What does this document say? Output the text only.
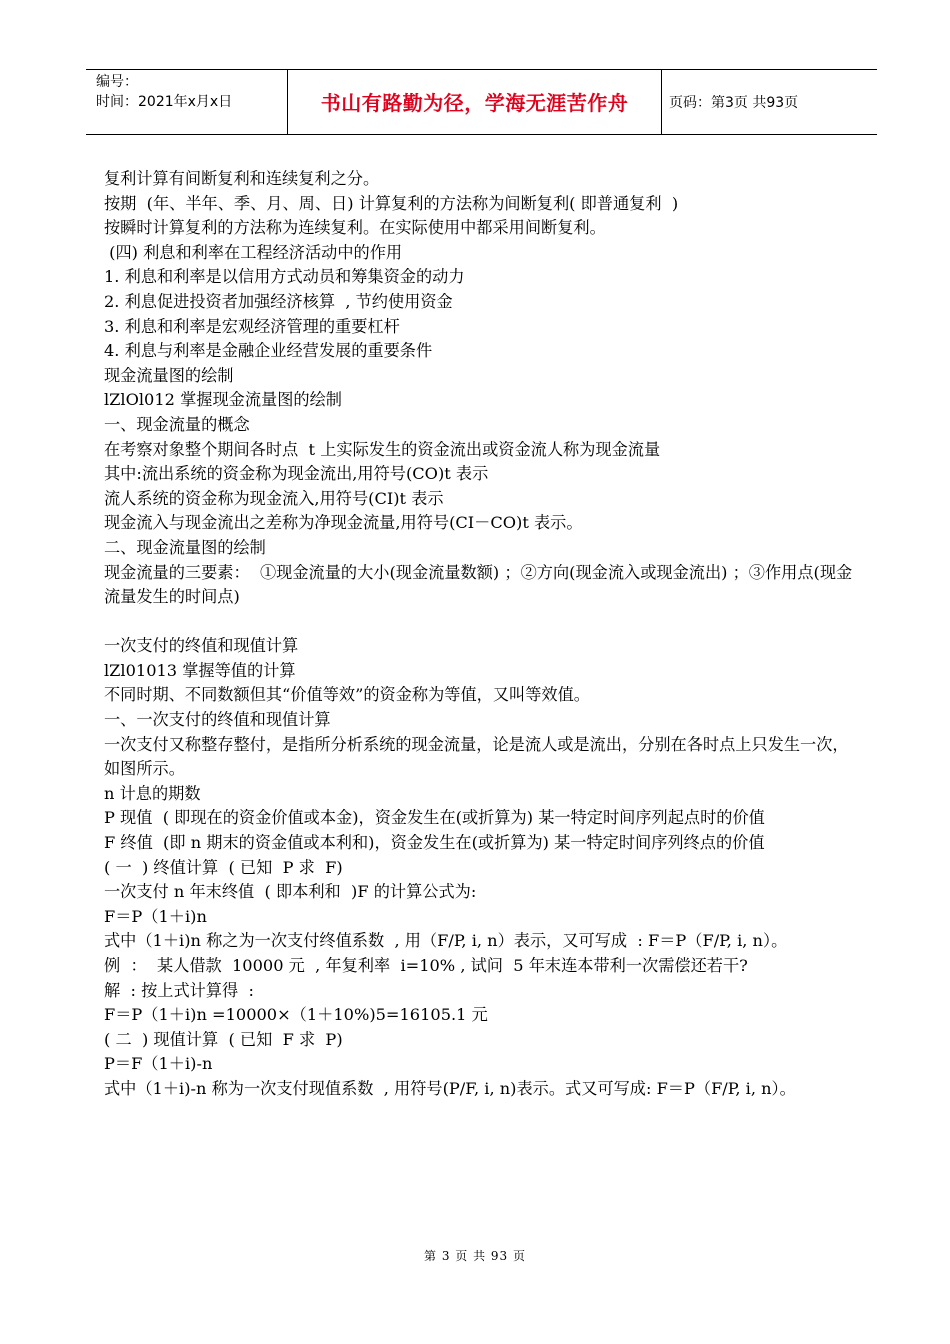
编号：
时间：2021年x月x日	书山有路勤为径，学海无涯苦作舟	页码：第3页 共93页

复利计算有间断复利和连续复利之分。

按期  (年、半年、季、月、周、日) 计算复利的方法称为间断复利( 即普通复利  )

按瞬时计算复利的方法称为连续复利。在实际使用中都采用间断复利。

(四) 利息和利率在工程经济活动中的作用

1. 利息和利率是以信用方式动员和筹集资金的动力

2. 利息促进投资者加强经济核算  , 节约使用资金

3. 利息和利率是宏观经济管理的重要杠杆

4. 利息与利率是金融企业经营发展的重要条件

现金流量图的绘制

lZlOl012 掌握现金流量图的绘制

一、现金流量的概念

在考察对象整个期间各时点  t 上实际发生的资金流出或资金流人称为现金流量

其中:流出系统的资金称为现金流出,用符号(CO)t 表示

流人系统的资金称为现金流入,用符号(CI)t 表示

现金流入与现金流出之差称为净现金流量,用符号(CI－CO)t 表示。

二、现金流量图的绘制

现金流量的三要素：  ①现金流量的大小(现金流量数额) ；②方向(现金流入或现金流出) ；③作用点(现金流量发生的时间点)

一次支付的终值和现值计算

lZl01013 掌握等值的计算

不同时期、不同数额但其“价值等效”的资金称为等值，又叫等效值。

一、一次支付的终值和现值计算

一次支付又称整存整付，是指所分析系统的现金流量，论是流人或是流出，分别在各时点上只发生一次，如图所示。

n 计息的期数

P 现值  ( 即现在的资金价值或本金)，资金发生在(或折算为) 某一特定时间序列起点时的价值

F 终值  (即 n 期末的资金值或本利和)，资金发生在(或折算为) 某一特定时间序列终点的价值

( 一  ) 终值计算  ( 已知  P 求  F)

一次支付 n 年末终值  ( 即本利和  )F 的计算公式为:

F＝P（1＋i)n

式中（1＋i)n 称之为一次支付终值系数  , 用（F/P, i, n）表示，又可写成  : F＝P（F/P, i, n）。

例  ：  某人借款  10000 元  , 年复利率  i=10% , 试问  5 年末连本带利一次需偿还若干?

解  : 按上式计算得  :

F＝P（1＋i)n =10000×（1＋10%)5=16105.1 元

( 二  ) 现值计算  ( 已知  F 求  P)

P＝F（1＋i)-n

式中（1＋i)-n 称为一次支付现值系数  , 用符号(P/F, i, n)表示。式又可写成: F＝P（F/P, i, n）。

第 3 页 共 93 页
